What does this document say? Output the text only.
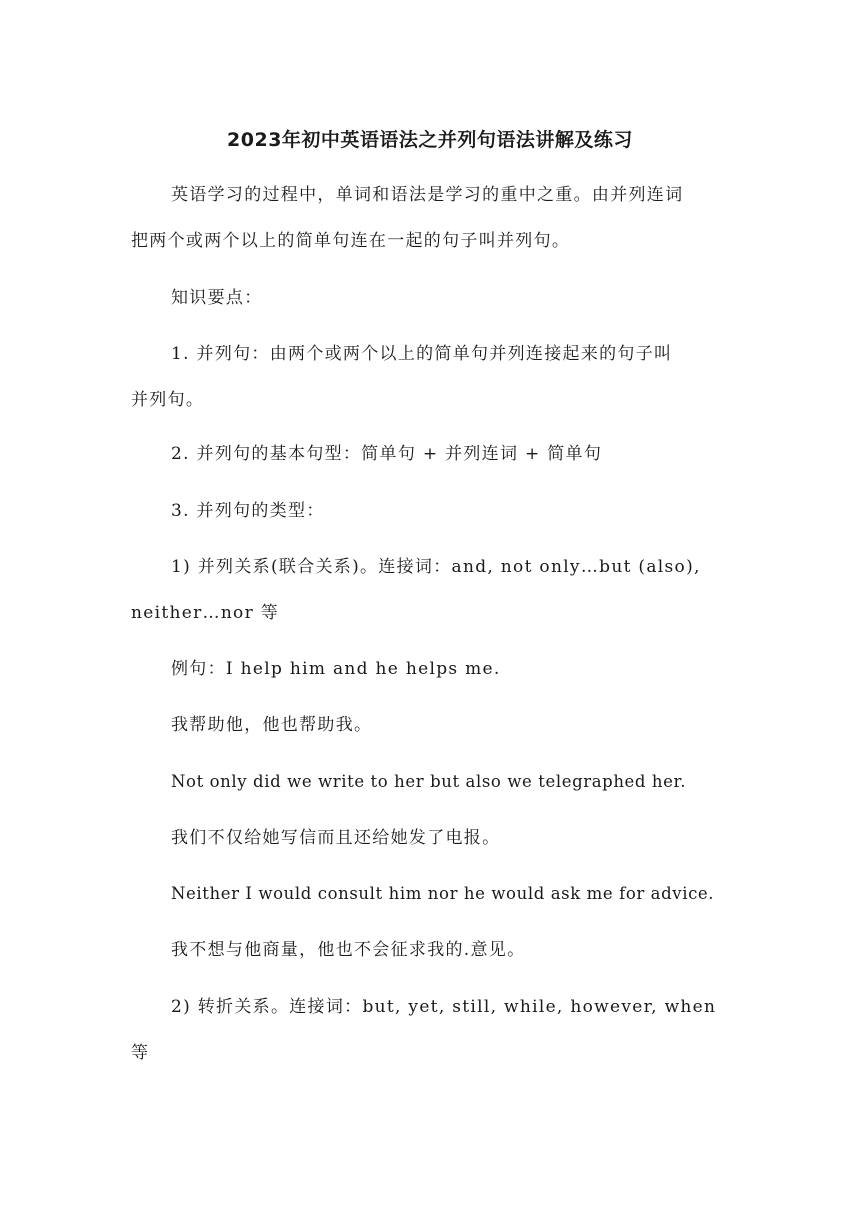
2023年初中英语语法之并列句语法讲解及练习
英语学习的过程中，单词和语法是学习的重中之重。由并列连词
把两个或两个以上的简单句连在一起的句子叫并列句。
知识要点：
1. 并列句：由两个或两个以上的简单句并列连接起来的句子叫
并列句。
2. 并列句的基本句型：简单句 + 并列连词 + 简单句
3. 并列句的类型：
1) 并列关系(联合关系)。连接词：and, not only…but (also),
neither…nor 等
例句：I help him and he helps me.
我帮助他，他也帮助我。
Not only did we write to her but also we telegraphed her.
我们不仅给她写信而且还给她发了电报。
Neither I would consult him nor he would ask me for advice.
我不想与他商量，他也不会征求我的.意见。
2) 转折关系。连接词：but, yet, still, while, however, when
等
